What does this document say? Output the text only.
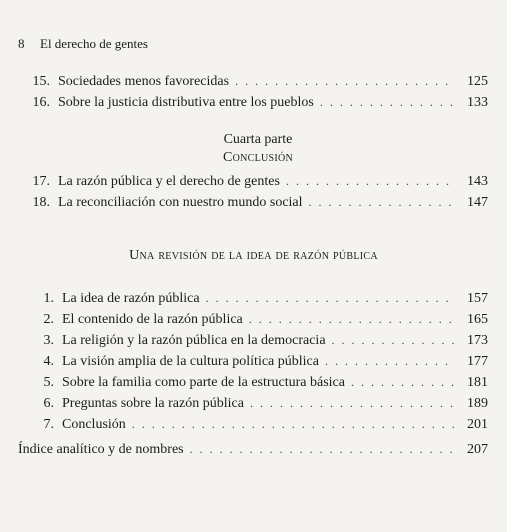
8 El derecho de gentes
15. Sociedades menos favorecidas . . .	125
16. Sobre la justicia distributiva entre los pueblos . . .	133
Cuarta parte
Conclusión
17. La razón pública y el derecho de gentes . . .	143
18. La reconciliación con nuestro mundo social . . .	147
Una revisión de la idea de razón pública
1. La idea de razón pública . . .	157
2. El contenido de la razón pública . . .	165
3. La religión y la razón pública en la democracia . . .	173
4. La visión amplia de la cultura política pública . . .	177
5. Sobre la familia como parte de la estructura básica . . .	181
6. Preguntas sobre la razón pública . . .	189
7. Conclusión . . .	201
Índice analítico y de nombres . . .	207
